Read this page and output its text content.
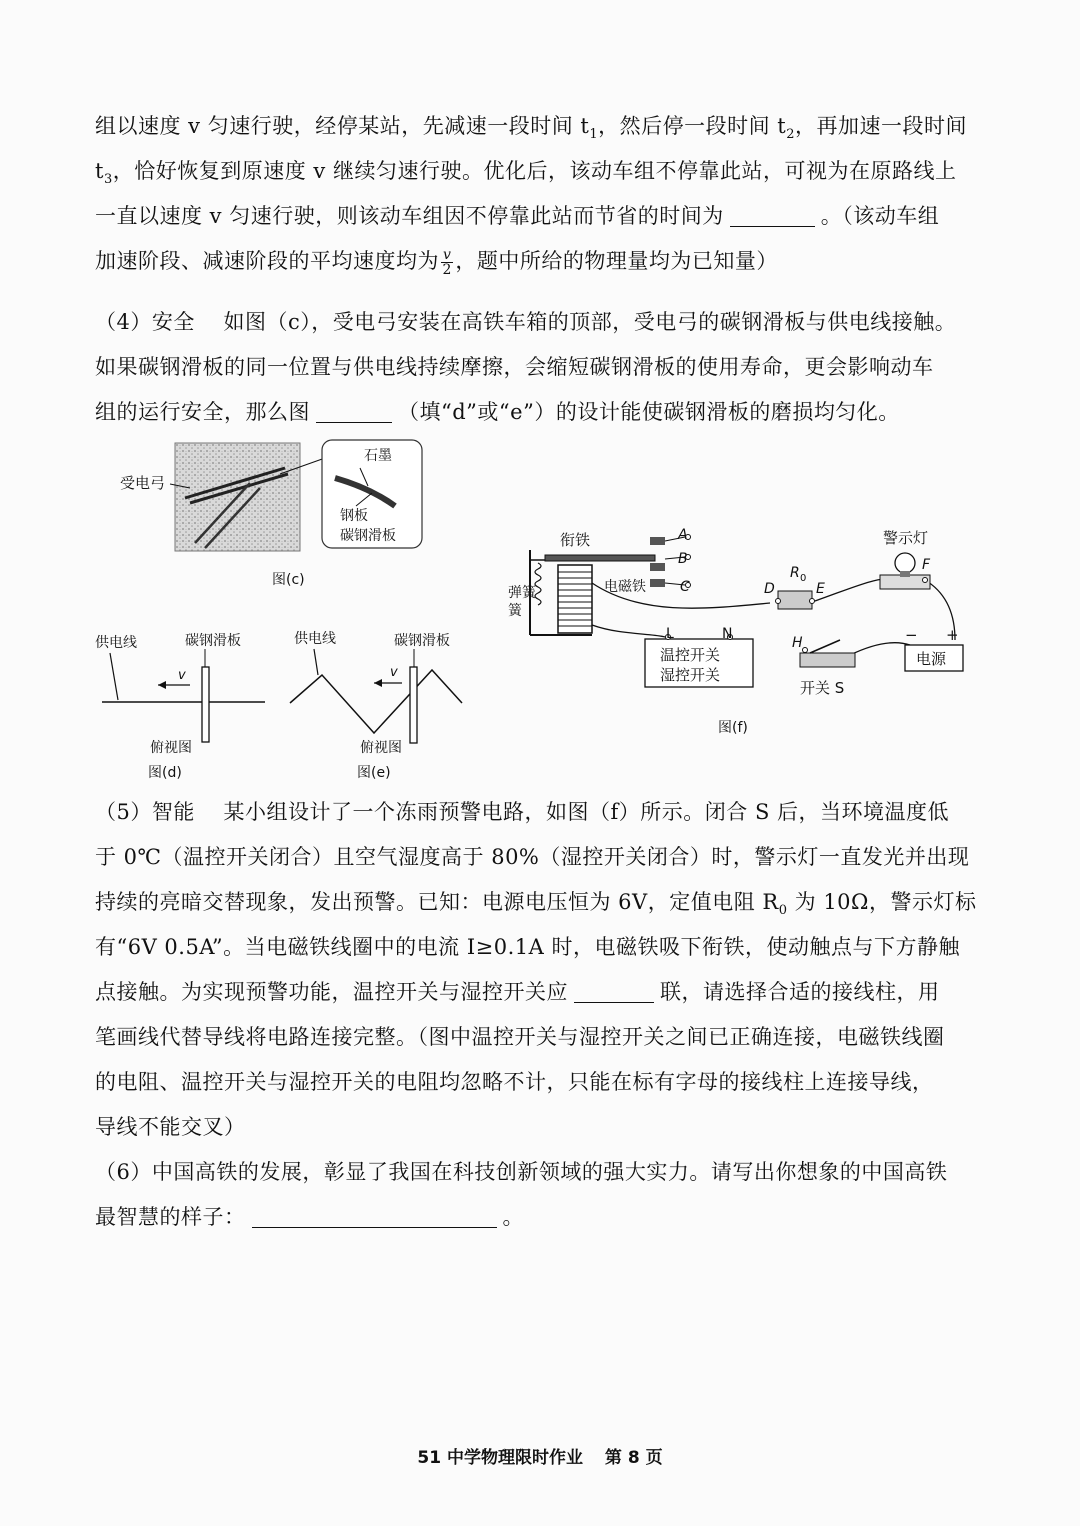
组以速度 v 匀速行驶，经停某站，先减速一段时间 $t_1$，然后停一段时间 $t_2$，再加速一段时间
$t_3$，恰好恢复到原速度 v 继续匀速行驶。优化后，该动车组不停靠此站，可视为在原路线上
一直以速度 v 匀速行驶，则该动车组因不停靠此站而节省的时间为	。（该动车组
加速阶段、减速阶段的平均速度均为 $\frac{v}{2}$ ，题中所给的物理量均为已知量）
（4）安全　 如图（c），受电弓安装在高铁车箱的顶部，受电弓的碳钢滑板与供电线接触。
如果碳钢滑板的同一位置与供电线持续摩擦，会缩短碳钢滑板的使用寿命，更会影响动车
组的运行安全，那么图	（填“d”或“e”）的设计能使碳钢滑板的磨损均匀化。
受电弓
石墨
钢板
碳钢滑板
图(c)
供电线	碳钢滑板
v
俯视图
图(d)
供电线	碳钢滑板
v
俯视图
图(e)
衔铁
弹簧
簧
A
B
C
电磁铁	D	E
R 0
F
警示灯
L	N
温控开关
湿控开关
H
开关 S
电源
− +
图(f)
（5）智能　 某小组设计了一个冻雨预警电路，如图（f）所示。闭合 S 后，当环境温度低
于 0℃（温控开关闭合）且空气湿度高于 80%（湿控开关闭合）时，警示灯一直发光并出现
持续的亮暗交替现象，发出预警。已知：电源电压恒为 6V，定值电阻 $R_0$ 为 10Ω，警示灯标
有“6V 0.5A”。当电磁铁线圈中的电流 I≥0.1A 时，电磁铁吸下衔铁，使动触点与下方静触
点接触。为实现预警功能，温控开关与湿控开关应	联，请选择合适的接线柱，用
笔画线代替导线将电路连接完整。（图中温控开关与湿控开关之间已正确连接，电磁铁线圈
的电阻、温控开关与湿控开关的电阻均忽略不计，只能在标有字母的接线柱上连接导线，
导线不能交叉）
（6）中国高铁的发展，彰显了我国在科技创新领域的强大实力。请写出你想象的中国高铁
最智慧的样子：	。
51 中学物理限时作业 第 8 页
